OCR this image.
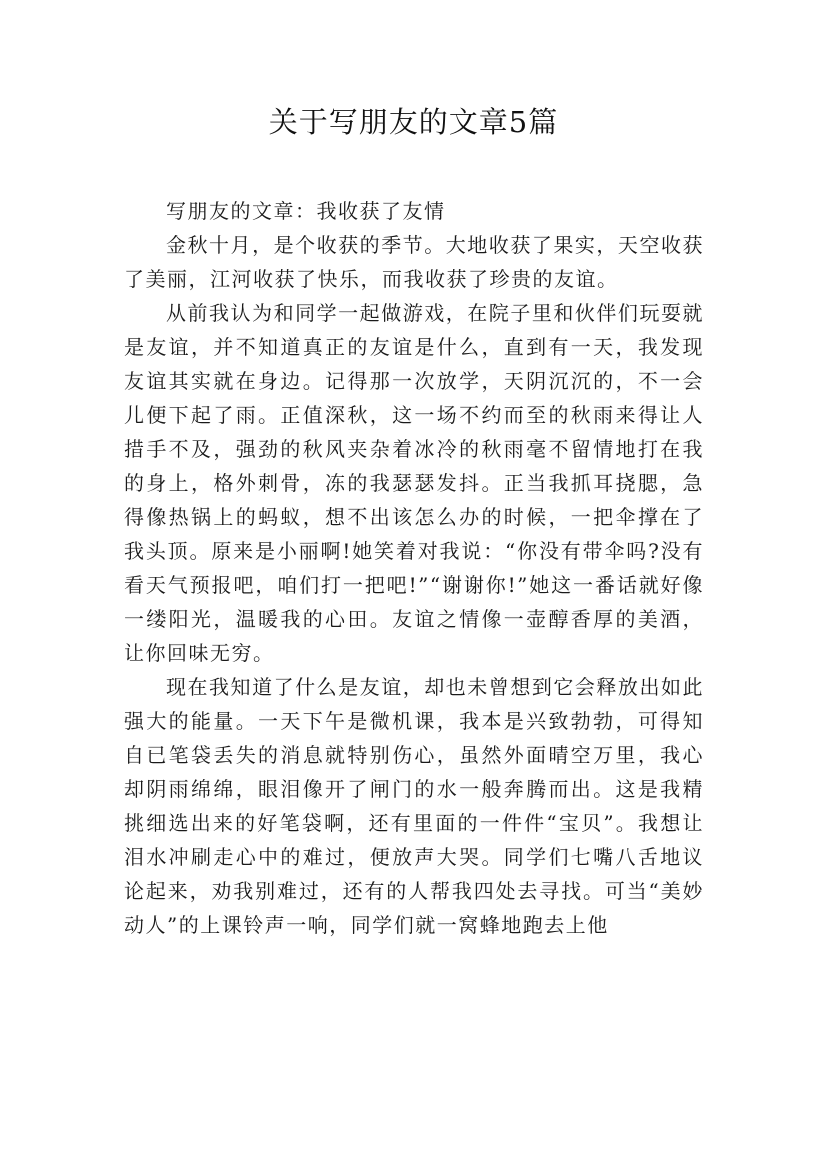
关于写朋友的文章5篇

写朋友的文章：我收获了友情

金秋十月，是个收获的季节。大地收获了果实，天空收获了美丽，江河收获了快乐，而我收获了珍贵的友谊。

从前我认为和同学一起做游戏，在院子里和伙伴们玩耍就是友谊，并不知道真正的友谊是什么，直到有一天，我发现友谊其实就在身边。记得那一次放学，天阴沉沉的，不一会儿便下起了雨。正值深秋，这一场不约而至的秋雨来得让人措手不及，强劲的秋风夹杂着冰冷的秋雨毫不留情地打在我的身上，格外刺骨，冻的我瑟瑟发抖。正当我抓耳挠腮，急得像热锅上的蚂蚁，想不出该怎么办的时候，一把伞撑在了我头顶。原来是小丽啊!她笑着对我说：“你没有带伞吗?没有看天气预报吧，咱们打一把吧!”“谢谢你!”她这一番话就好像一缕阳光，温暖我的心田。友谊之情像一壶醇香厚的美酒，让你回味无穷。

现在我知道了什么是友谊，却也未曾想到它会释放出如此强大的能量。一天下午是微机课，我本是兴致勃勃，可得知自已笔袋丢失的消息就特别伤心，虽然外面晴空万里，我心却阴雨绵绵，眼泪像开了闸门的水一般奔腾而出。这是我精挑细选出来的好笔袋啊，还有里面的一件件“宝贝”。我想让泪水冲刷走心中的难过，便放声大哭。同学们七嘴八舌地议论起来，劝我别难过，还有的人帮我四处去寻找。可当“美妙动人”的上课铃声一响，同学们就一窝蜂地跑去上他
